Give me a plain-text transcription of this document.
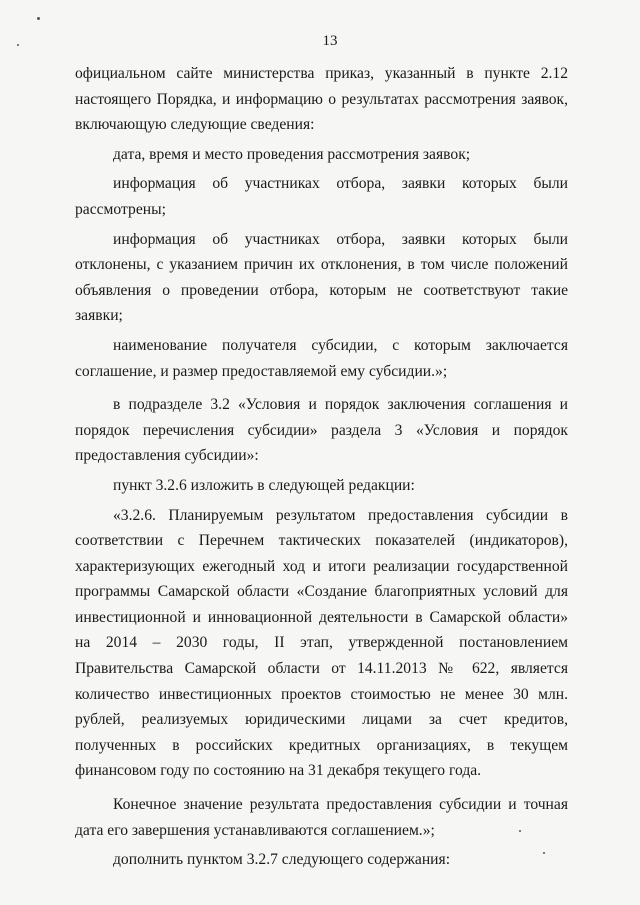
13

официальном сайте министерства приказ, указанный в пункте 2.12 настоящего Порядка, и информацию о результатах рассмотрения заявок, включающую следующие сведения:

дата, время и место проведения рассмотрения заявок;

информация об участниках отбора, заявки которых были рассмотрены;

информация об участниках отбора, заявки которых были отклонены, с указанием причин их отклонения, в том числе положений объявления о проведении отбора, которым не соответствуют такие заявки;

наименование получателя субсидии, с которым заключается соглашение, и размер предоставляемой ему субсидии.»;

в подразделе 3.2 «Условия и порядок заключения соглашения и порядок перечисления субсидии» раздела 3 «Условия и порядок предоставления субсидии»:

пункт 3.2.6 изложить в следующей редакции:

«3.2.6. Планируемым результатом предоставления субсидии в соответствии с Перечнем тактических показателей (индикаторов), характеризующих ежегодный ход и итоги реализации государственной программы Самарской области «Создание благоприятных условий для инвестиционной и инновационной деятельности в Самарской области» на 2014 – 2030 годы, II этап, утвержденной постановлением Правительства Самарской области от 14.11.2013 № 622, является количество инвестиционных проектов стоимостью не менее 30 млн. рублей, реализуемых юридическими лицами за счет кредитов, полученных в российских кредитных организациях, в текущем финансовом году по состоянию на 31 декабря текущего года.

Конечное значение результата предоставления субсидии и точная дата его завершения устанавливаются соглашением.»;

дополнить пунктом 3.2.7 следующего содержания:
